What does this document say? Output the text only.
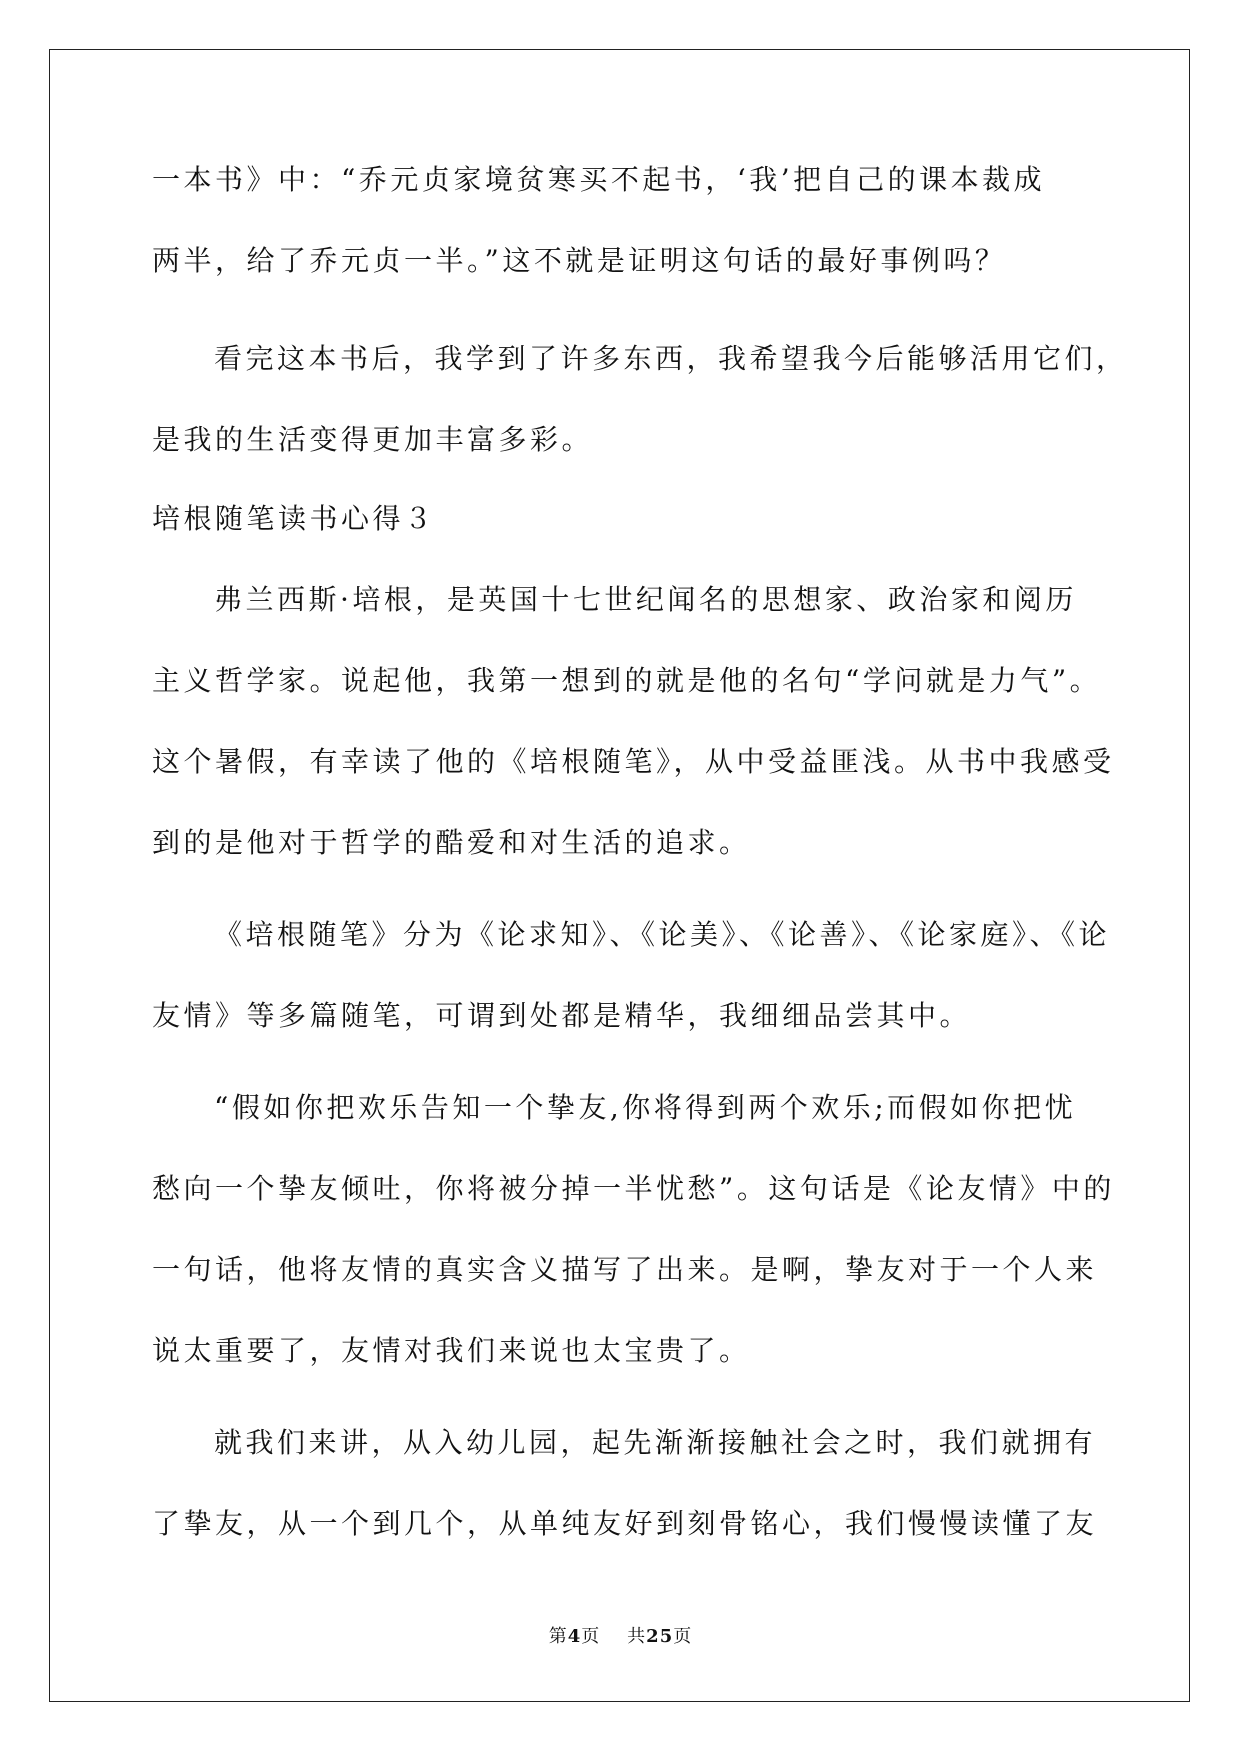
一本书》中：“乔元贞家境贫寒买不起书，‘我’把自己的课本裁成
两半，给了乔元贞一半。”这不就是证明这句话的最好事例吗？
看完这本书后，我学到了许多东西，我希望我今后能够活用它们，
是我的生活变得更加丰富多彩。
培根随笔读书心得３
弗兰西斯·培根，是英国十七世纪闻名的思想家、政治家和阅历
主义哲学家。说起他，我第一想到的就是他的名句“学问就是力气”。
这个暑假，有幸读了他的《培根随笔》，从中受益匪浅。从书中我感受
到的是他对于哲学的酷爱和对生活的追求。
《培根随笔》分为《论求知》、《论美》、《论善》、《论家庭》、《论
友情》等多篇随笔，可谓到处都是精华，我细细品尝其中。
“假如你把欢乐告知一个挚友,你将得到两个欢乐;而假如你把忧
愁向一个挚友倾吐，你将被分掉一半忧愁”。这句话是《论友情》中的
一句话，他将友情的真实含义描写了出来。是啊，挚友对于一个人来
说太重要了，友情对我们来说也太宝贵了。
就我们来讲，从入幼儿园，起先渐渐接触社会之时，我们就拥有
了挚友，从一个到几个，从单纯友好到刻骨铭心，我们慢慢读懂了友
第4页 共25页
